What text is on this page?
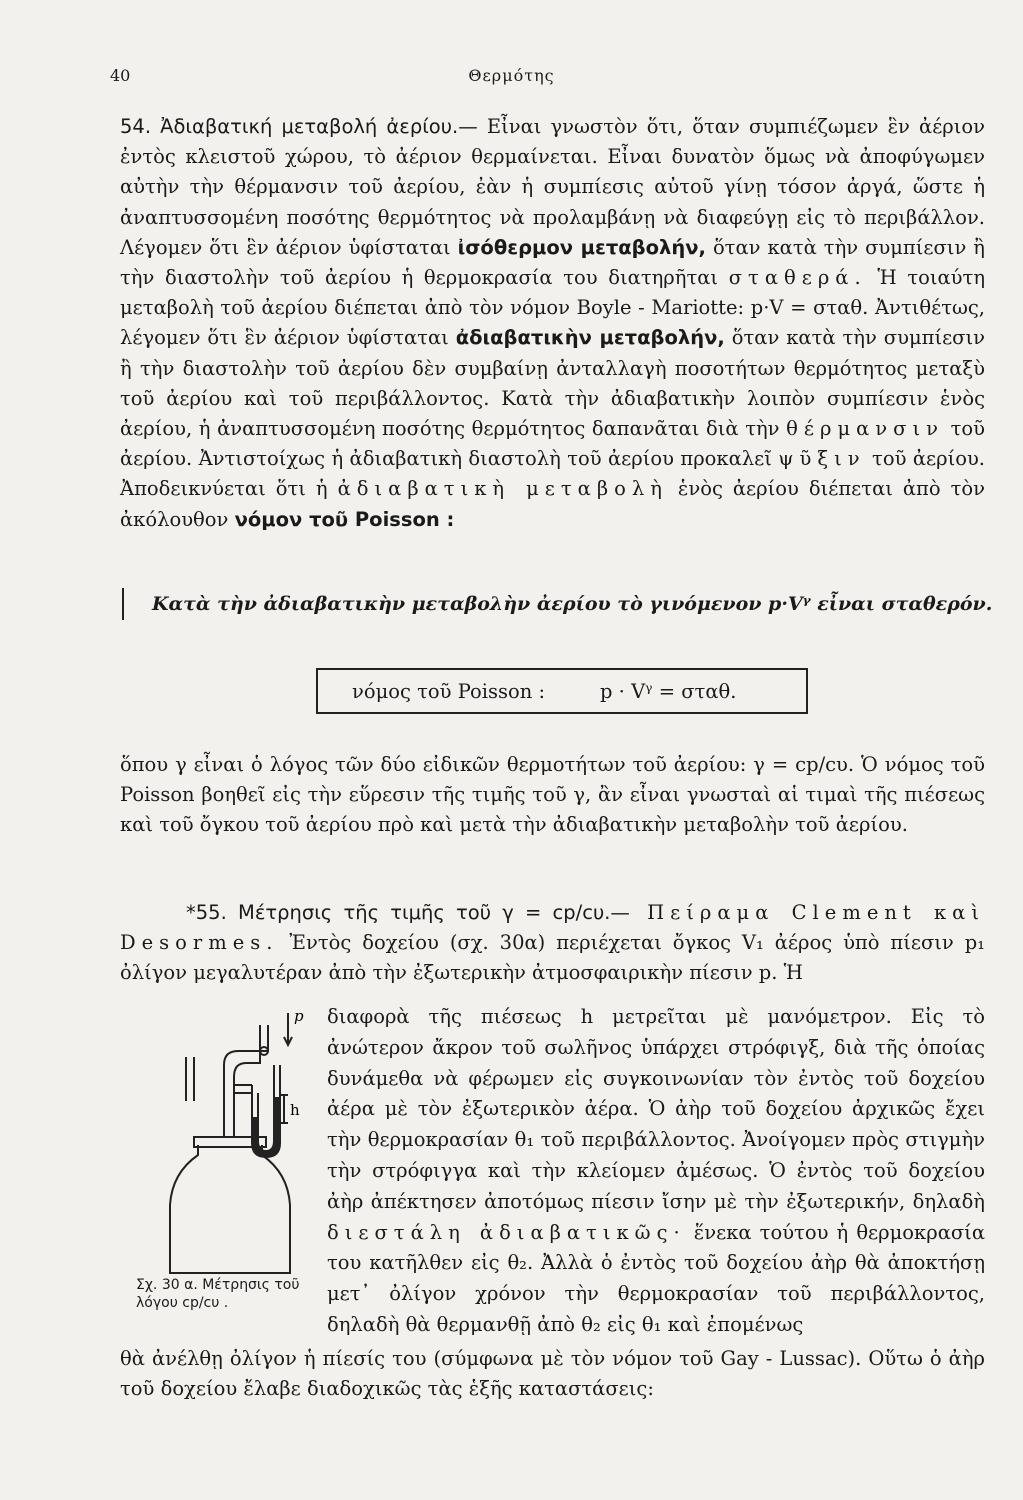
40	Θερμότης
54. Ἀδιαβατική μεταβολή ἀερίου.— Εἶναι γνωστὸν ὅτι, ὅταν συμπιέζωμεν ἓν ἀέριον ἐντὸς κλειστοῦ χώρου, τὸ ἀέριον θερμαίνεται. Εἶναι δυνατὸν ὅμως νὰ ἀποφύγωμεν αὐτὴν τὴν θέρμανσιν τοῦ ἀερίου, ἐὰν ἡ συμπίεσις αὐτοῦ γίνῃ τόσον ἀργά, ὥστε ἡ ἀναπτυσσομένη ποσότης θερμότητος νὰ προλαμβάνῃ νὰ διαφεύγῃ εἰς τὸ περιβάλλον. Λέγομεν ὅτι ἓν ἀέριον ὑφίσταται ἰσόθερμον μεταβολήν, ὅταν κατὰ τὴν συμπίεσιν ἢ τὴν διαστολὴν τοῦ ἀερίου ἡ θερμοκρασία του διατηρῆται σταθερά. Ἡ τοιαύτη μεταβολὴ τοῦ ἀερίου διέπεται ἀπὸ τὸν νόμον Boyle - Mariotte: p·V = σταθ. Ἀντιθέτως, λέγομεν ὅτι ἓν ἀέριον ὑφίσταται ἀδιαβατικὴν μεταβολήν, ὅταν κατὰ τὴν συμπίεσιν ἢ τὴν διαστολὴν τοῦ ἀερίου δὲν συμβαίνῃ ἀνταλλαγὴ ποσοτήτων θερμότητος μεταξὺ τοῦ ἀερίου καὶ τοῦ περιβάλλοντος. Κατὰ τὴν ἀδιαβατικὴν λοιπὸν συμπίεσιν ἑνὸς ἀερίου, ἡ ἀναπτυσσομένη ποσότης θερμότητος δαπανᾶται διὰ τὴν θέρμανσιν τοῦ ἀερίου. Ἀντιστοίχως ἡ ἀδιαβατικὴ διαστολὴ τοῦ ἀερίου προκαλεῖ ψῦξιν τοῦ ἀερίου. Ἀποδεικνύεται ὅτι ἡ ἀδιαβατικὴ μεταβολὴ ἑνὸς ἀερίου διέπεται ἀπὸ τὸν ἀκόλουθον νόμον τοῦ Poisson :
Κατὰ τὴν ἀδιαβατικὴν μεταβολὴν ἀερίου τὸ γινόμενον p·Vᵞ εἶναι σταθερόν.
νόμος τοῦ Poisson :	p · Vᵞ = σταθ.
ὅπου γ εἶναι ὁ λόγος τῶν δύο εἰδικῶν θερμοτήτων τοῦ ἀερίου: γ = cp/cυ. Ὁ νόμος τοῦ Poisson βοηθεῖ εἰς τὴν εὕρεσιν τῆς τιμῆς τοῦ γ, ἂν εἶναι γνωσταὶ αἱ τιμαὶ τῆς πιέσεως καὶ τοῦ ὄγκου τοῦ ἀερίου πρὸ καὶ μετὰ τὴν ἀδιαβατικὴν μεταβολὴν τοῦ ἀερίου.
*55. Μέτρησις τῆς τιμῆς τοῦ γ = cp/cυ.— Πείραμα Clement καὶ Desormes. Ἐντὸς δοχείου (σχ. 30α) περιέχεται ὄγκος V₁ ἀέρος ὑπὸ πίεσιν p₁ ὀλίγον μεγαλυτέραν ἀπὸ τὴν ἐξωτερικὴν ἀτμοσφαιρικὴν πίεσιν p. Ἡ
διαφορὰ τῆς πιέσεως h μετρεῖται μὲ μανόμετρον. Εἰς τὸ ἀνώτερον ἄκρον τοῦ σωλῆνος ὑπάρχει στρόφιγξ, διὰ τῆς ὁποίας δυνάμεθα νὰ φέρωμεν εἰς συγκοινωνίαν τὸν ἐντὸς τοῦ δοχείου ἀέρα μὲ τὸν ἐξωτερικὸν ἀέρα. Ὁ ἀὴρ τοῦ δοχείου ἀρχικῶς ἔχει τὴν θερμοκρασίαν θ₁ τοῦ περιβάλλοντος. Ἀνοίγομεν πρὸς στιγμὴν τὴν στρόφιγγα καὶ τὴν κλείομεν ἀμέσως. Ὁ ἐντὸς τοῦ δοχείου ἀὴρ ἀπέκτησεν ἀποτόμως πίεσιν ἴσην μὲ τὴν ἐξωτερικήν, δηλαδὴ διεστάλη ἀδιαβατικῶς· ἕνεκα τούτου ἡ θερμοκρασία του κατῆλθεν εἰς θ₂. Ἀλλὰ ὁ ἐντὸς τοῦ δοχείου ἀὴρ θὰ ἀποκτήσῃ μετ᾽ ὀλίγον χρόνον τὴν θερμοκρασίαν τοῦ περιβάλλοντος, δηλαδὴ θὰ θερμανθῇ ἀπὸ θ₂ εἰς θ₁ καὶ ἐπομένως
p
h
Σχ. 30 α. Μέτρησις τοῦ λόγου cp/cυ .
θὰ ἀνέλθῃ ὀλίγον ἡ πίεσίς του (σύμφωνα μὲ τὸν νόμον τοῦ Gay - Lussac). Οὕτω ὁ ἀὴρ τοῦ δοχείου ἔλαβε διαδοχικῶς τὰς ἑξῆς καταστάσεις:
